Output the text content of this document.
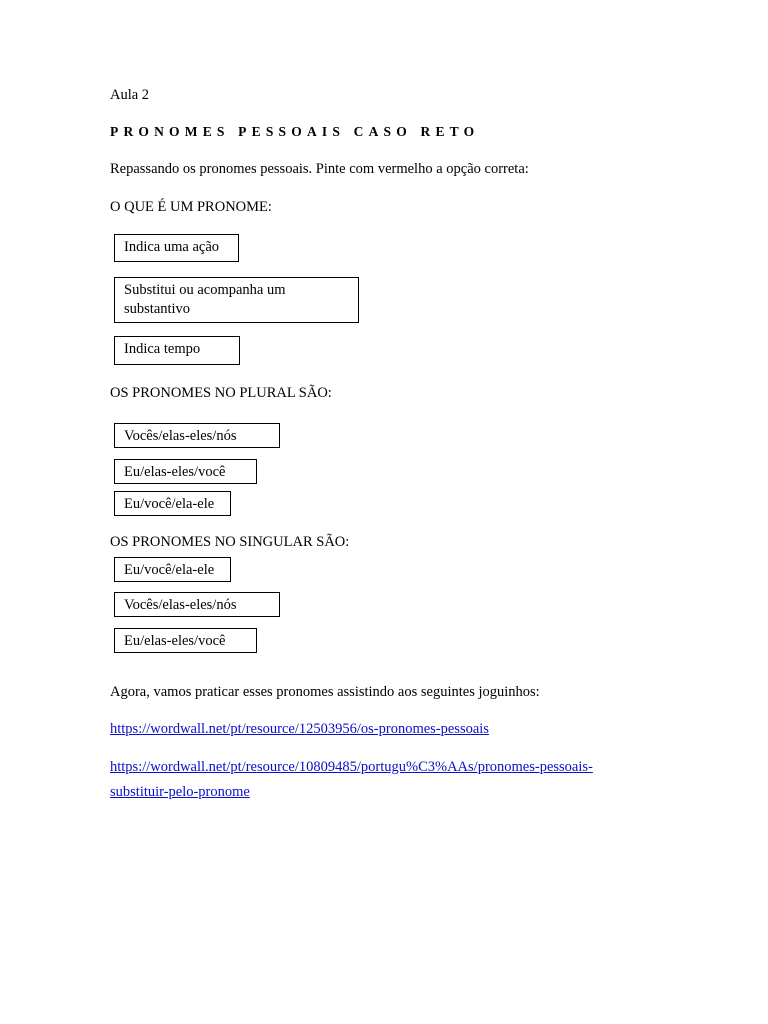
Aula 2
PRONOMES PESSOAIS CASO RETO
Repassando os pronomes pessoais. Pinte com vermelho a opção correta:
O QUE É UM PRONOME:
Indica uma ação
Substitui ou acompanha um substantivo
Indica tempo
OS PRONOMES NO PLURAL SÃO:
Vocês/elas-eles/nós
Eu/elas-eles/você
Eu/você/ela-ele
OS PRONOMES NO SINGULAR SÃO:
Eu/você/ela-ele
Vocês/elas-eles/nós
Eu/elas-eles/você
Agora, vamos praticar esses pronomes assistindo aos seguintes joguinhos:
https://wordwall.net/pt/resource/12503956/os-pronomes-pessoais
https://wordwall.net/pt/resource/10809485/portugu%C3%AAs/pronomes-pessoais-
substituir-pelo-pronome
